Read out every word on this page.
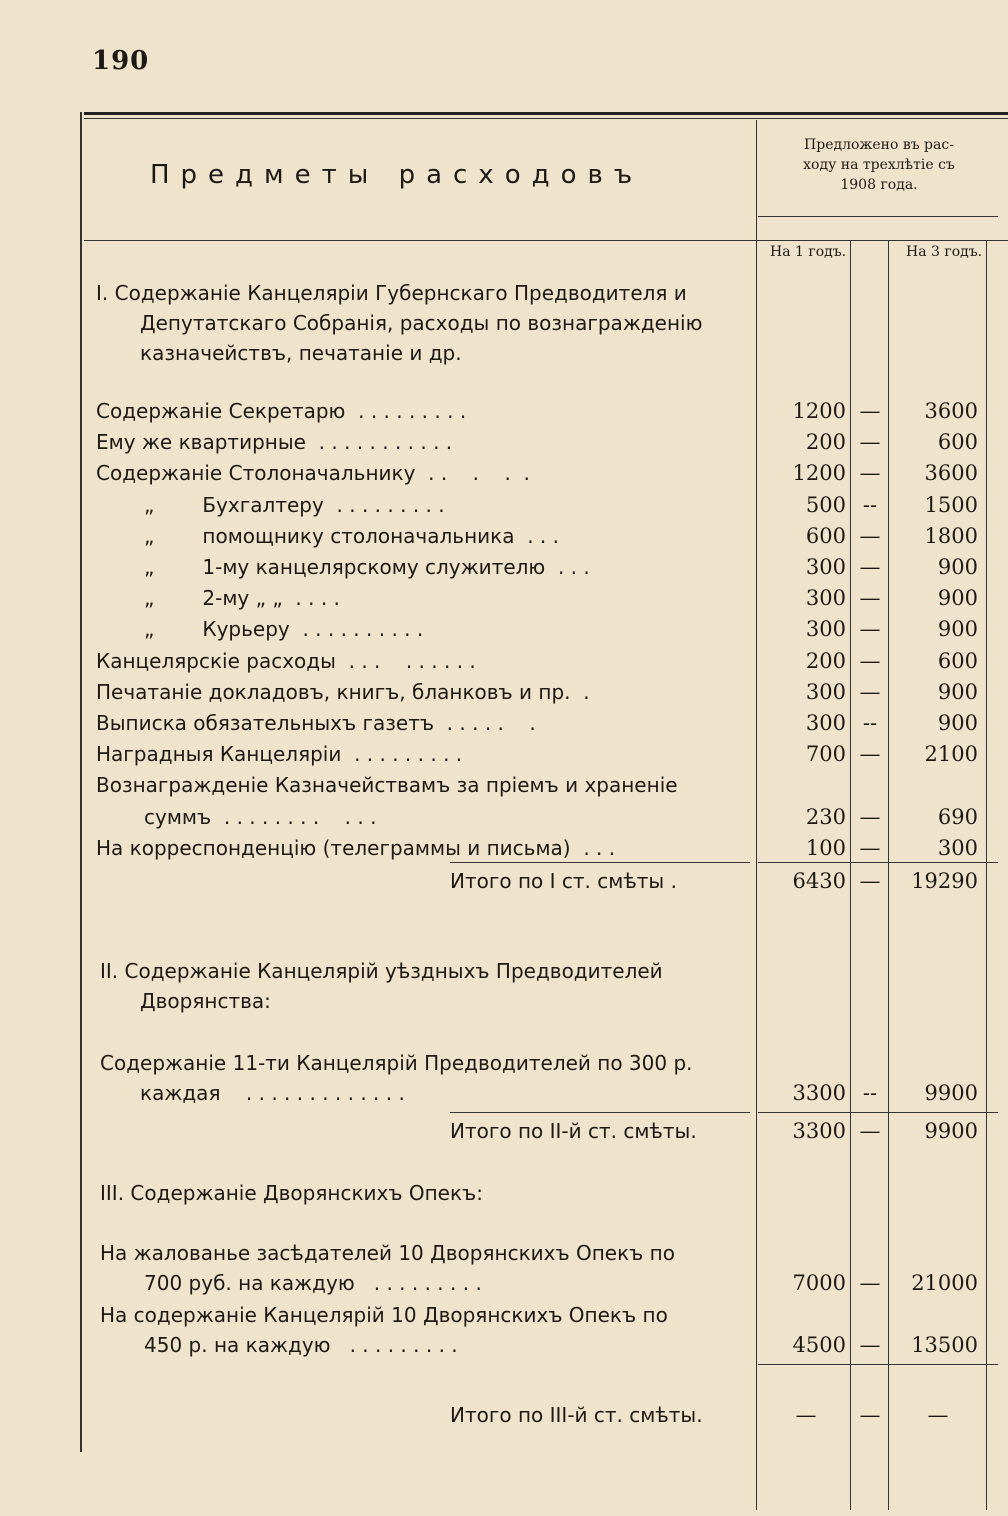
190
Предметы расходовъ
Предложено въ рас-
ходу на трехлѣтіе съ
1908 года.
На 1 годъ.	На 3 годъ.
I. Содержаніе Канцеляріи Губернскаго Предводителя и
Депутатскаго Собранія, расходы по вознагражденію
казначействъ, печатаніе и др.
Содержаніе Секретарю  . . . . . . . . .	1200 —	3600
Ему же квартирные  . . . . . . . . . . .	200 —	600
Содержаніе Столоначальнику  . .    .    .  .	1200 —	3600
„ Бухгалтеру  . . . . . . . . .	500 --	1500
„ помощнику столоначальника  . . .	600 —	1800
„ 1-му канцелярскому служителю  . . .	300 —	900
„ 2-му „ „  . . . .	300 —	900
„ Курьеру  . . . . . . . . . .	300 —	900
Канцелярскіе расходы  . . .    . . . . . .	200 —	600
Печатаніе докладовъ, книгъ, бланковъ и пр.  .	300 —	900
Выписка обязательныхъ газетъ  . . . . .    .	300 --	900
Наградныя Канцеляріи  . . . . . . . . .	700 —	2100
Вознагражденіе Казначействамъ за пріемъ и храненіе
суммъ  . . . . . . . .    . . .	230 —	690
На корреспонденцію (телеграммы и письма)  . . .	100 —	300
Итого по I ст. смѣты .	6430 —	19290
II. Содержаніе Канцелярій уѣздныхъ Предводителей
Дворянства:
Содержаніе 11-ти Канцелярій Предводителей по 300 р.
каждая . . . . . . . . . . . . .	3300 --	9900
Итого по II-й ст. смѣты.	3300 —	9900
III. Содержаніе Дворянскихъ Опекъ:
На жалованье засѣдателей 10 Дворянскихъ Опекъ по
700 руб. на каждую . . . . . . . . .	7000 —	21000
На содержаніе Канцелярій 10 Дворянскихъ Опекъ по
450 р. на каждую . . . . . . . . .	4500 —	13500
Итого по III-й ст. смѣты.	—	—	—
